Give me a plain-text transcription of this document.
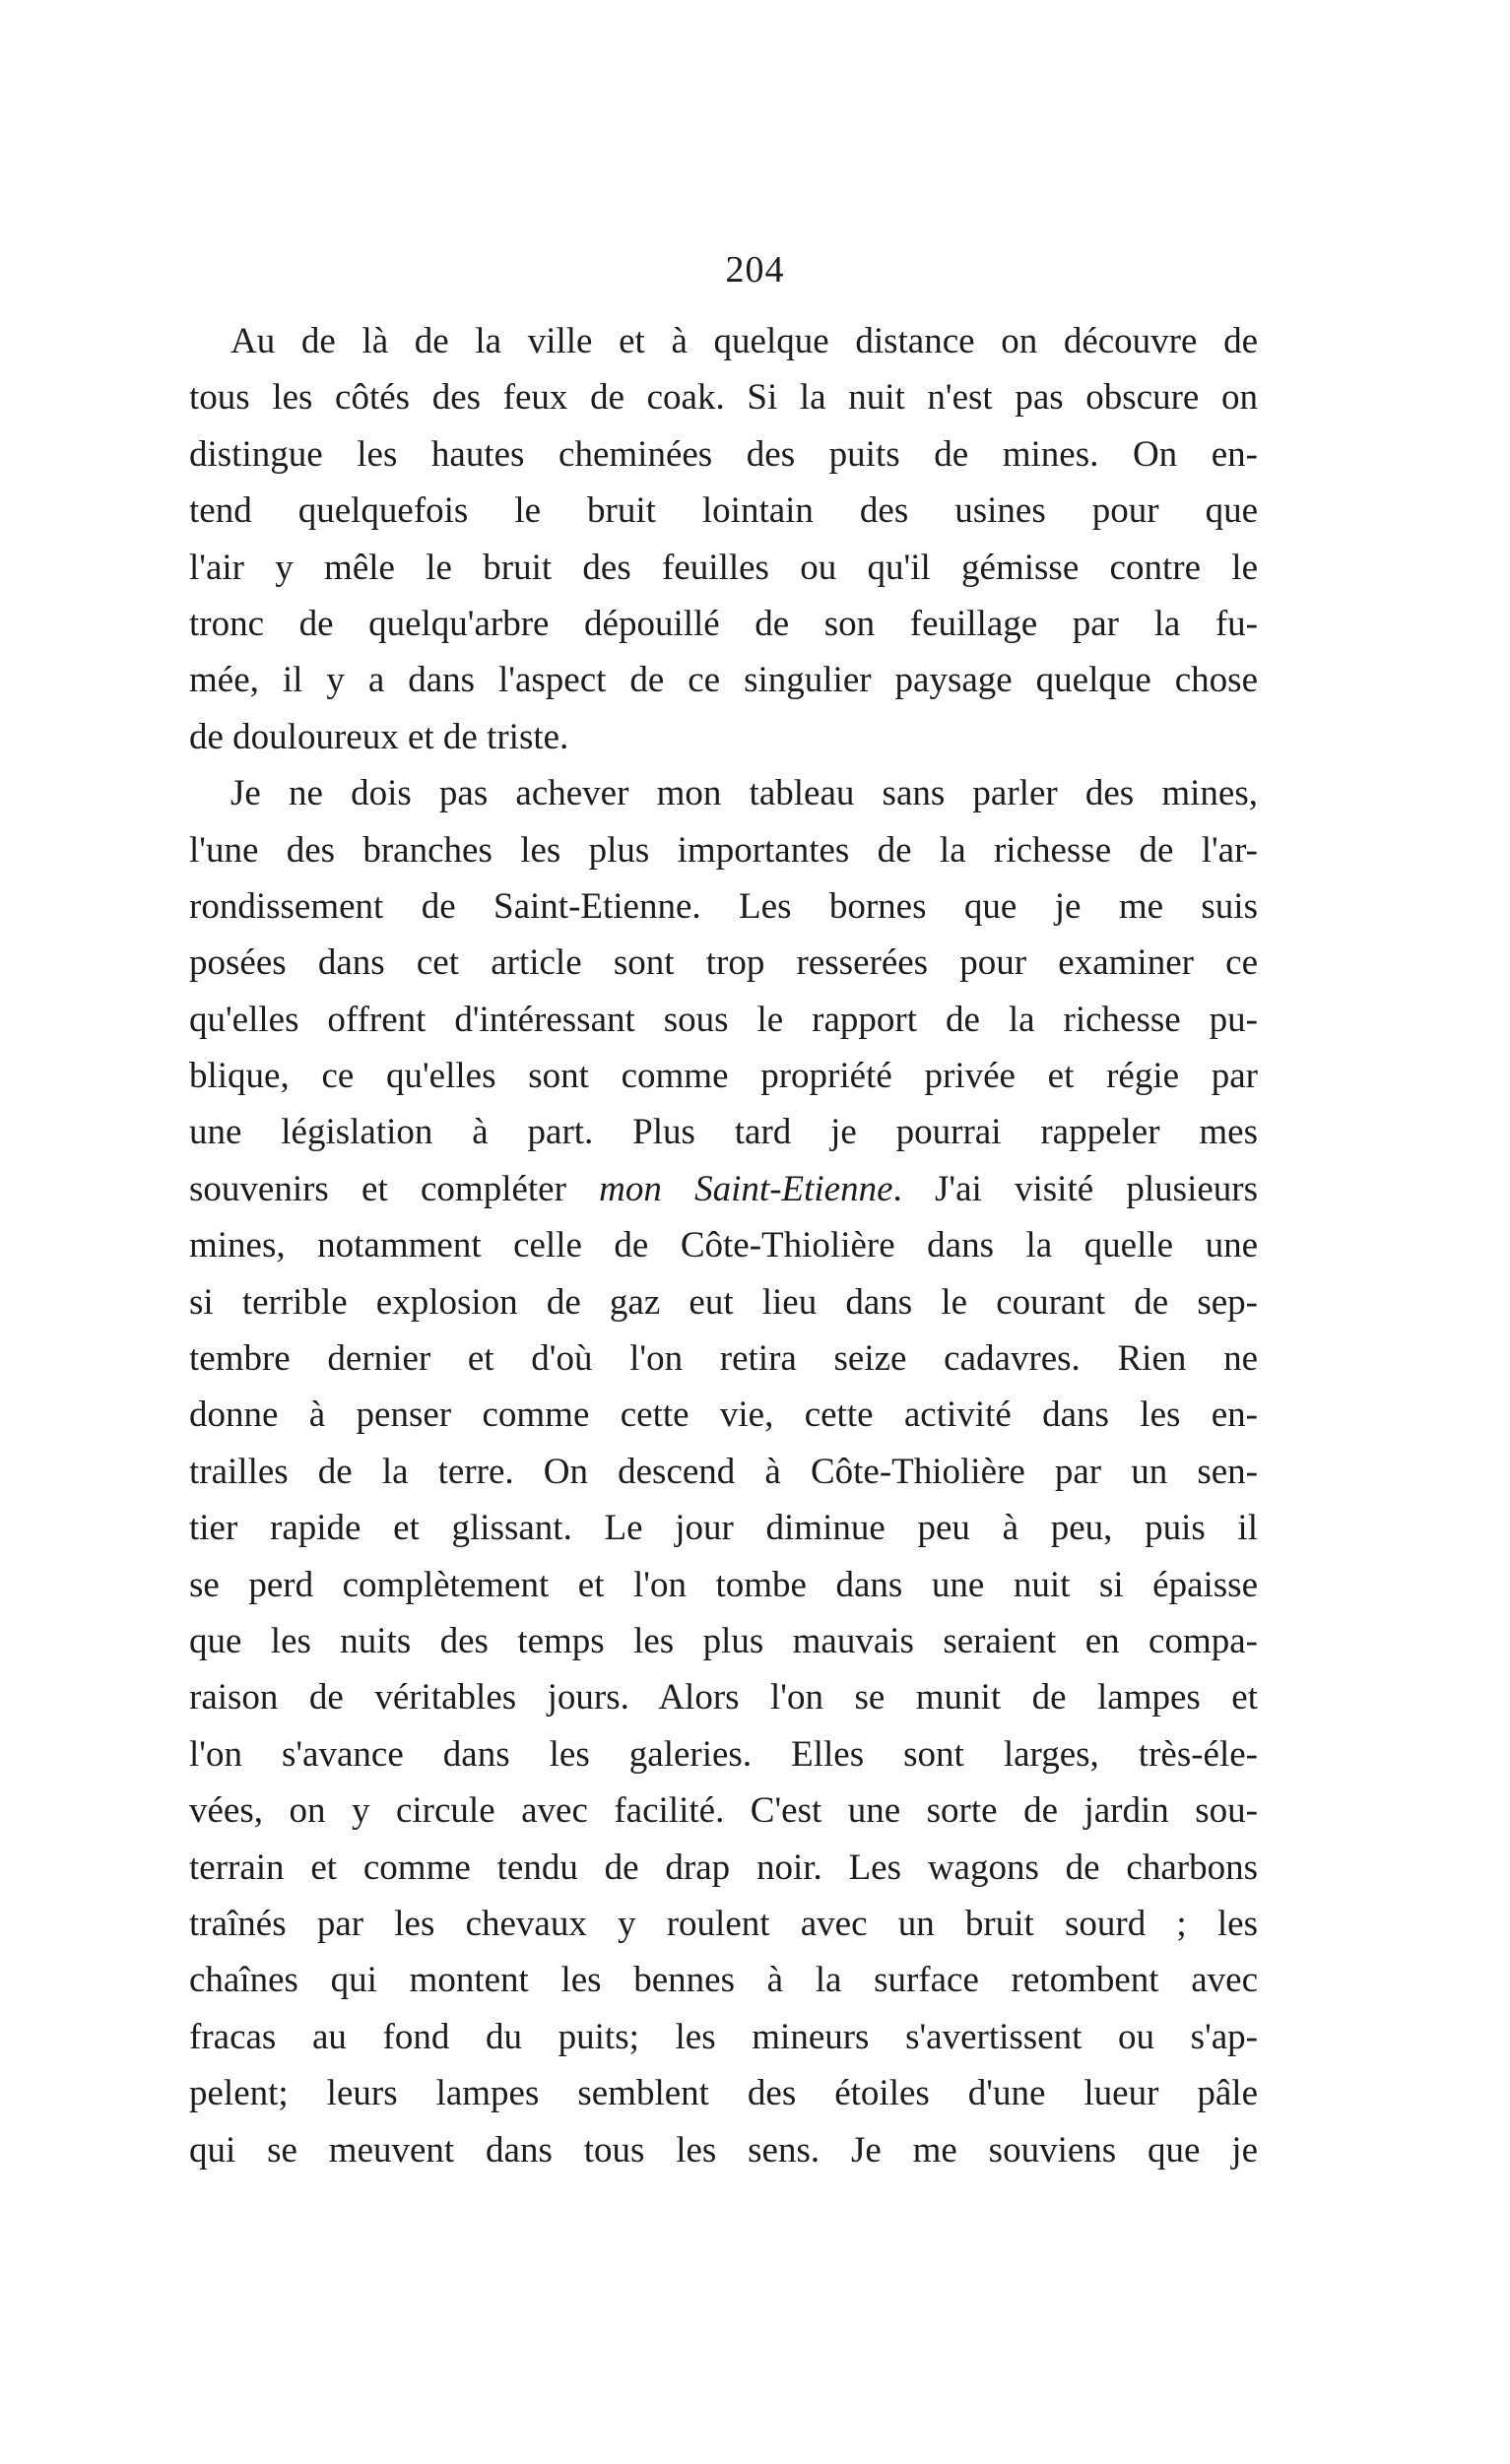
204
Au de là de la ville et à quelque distance on découvre de
tous les côtés des feux de coak. Si la nuit n'est pas obscure on
distingue les hautes cheminées des puits de mines. On en-
tend quelquefois le bruit lointain des usines pour que
l'air y mêle le bruit des feuilles ou qu'il gémisse contre le
tronc de quelqu'arbre dépouillé de son feuillage par la fu-
mée, il y a dans l'aspect de ce singulier paysage quelque chose
de douloureux et de triste.
Je ne dois pas achever mon tableau sans parler des mines,
l'une des branches les plus importantes de la richesse de l'ar-
rondissement de Saint-Etienne. Les bornes que je me suis
posées dans cet article sont trop resserées pour examiner ce
qu'elles offrent d'intéressant sous le rapport de la richesse pu-
blique, ce qu'elles sont comme propriété privée et régie par
une législation à part. Plus tard je pourrai rappeler mes
souvenirs et compléter mon Saint-Etienne. J'ai visité plusieurs
mines, notamment celle de Côte-Thiolière dans la quelle une
si terrible explosion de gaz eut lieu dans le courant de sep-
tembre dernier et d'où l'on retira seize cadavres. Rien ne
donne à penser comme cette vie, cette activité dans les en-
trailles de la terre. On descend à Côte-Thiolière par un sen-
tier rapide et glissant. Le jour diminue peu à peu, puis il
se perd complètement et l'on tombe dans une nuit si épaisse
que les nuits des temps les plus mauvais seraient en compa-
raison de véritables jours. Alors l'on se munit de lampes et
l'on s'avance dans les galeries. Elles sont larges, très-éle-
vées, on y circule avec facilité. C'est une sorte de jardin sou-
terrain et comme tendu de drap noir. Les wagons de charbons
traînés par les chevaux y roulent avec un bruit sourd ; les
chaînes qui montent les bennes à la surface retombent avec
fracas au fond du puits; les mineurs s'avertissent ou s'ap-
pelent; leurs lampes semblent des étoiles d'une lueur pâle
qui se meuvent dans tous les sens. Je me souviens que je
